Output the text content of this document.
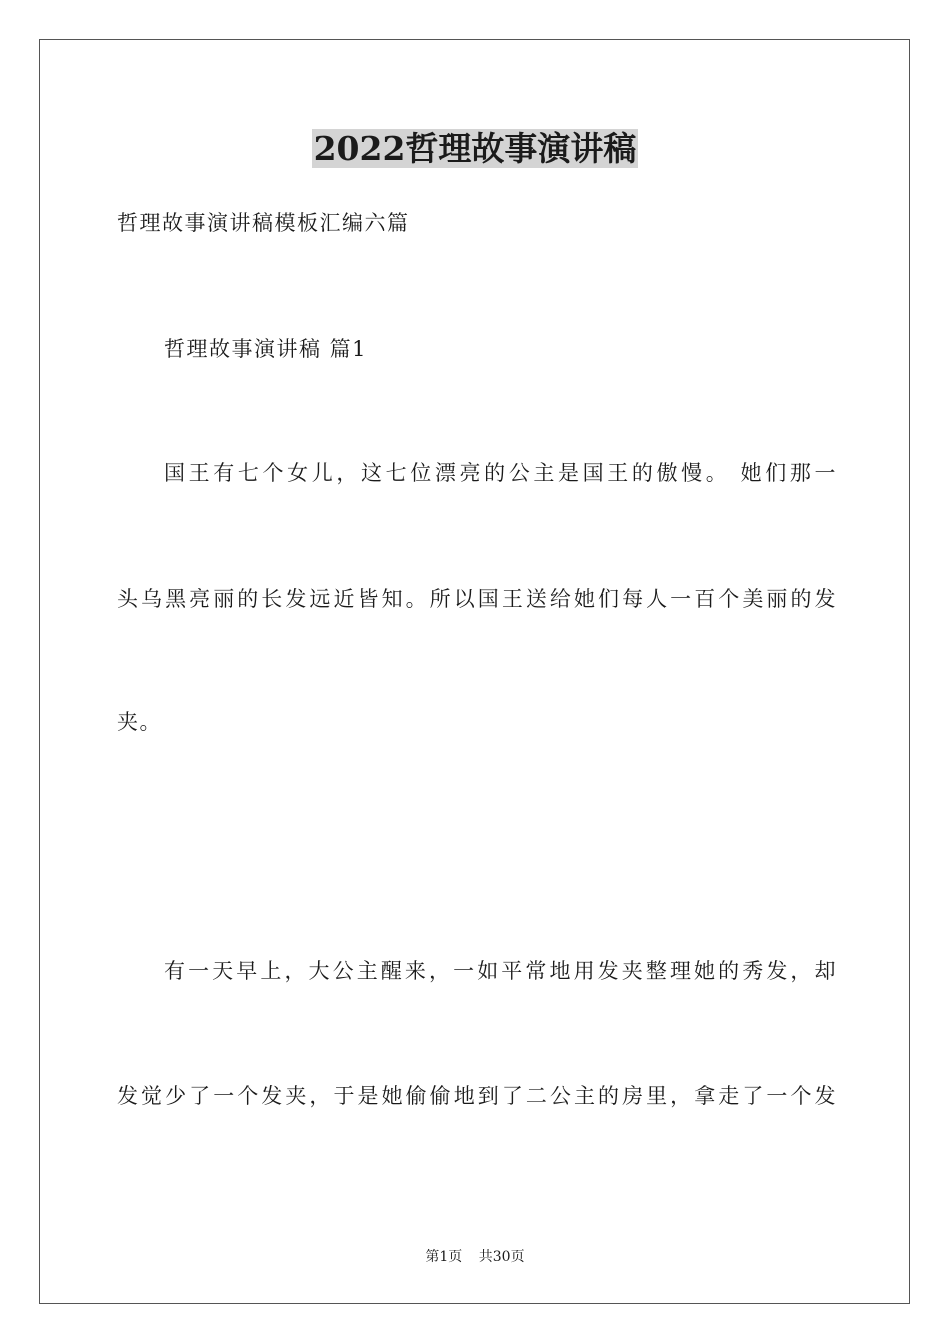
2022哲理故事演讲稿
哲理故事演讲稿模板汇编六篇
哲理故事演讲稿 篇1
国王有七个女儿，这七位漂亮的公主是国王的傲慢。 她们那一
头乌黑亮丽的长发远近皆知。所以国王送给她们每人一百个美丽的发
夹。
有一天早上，大公主醒来，一如平常地用发夹整理她的秀发，却
发觉少了一个发夹，于是她偷偷地到了二公主的房里，拿走了一个发
第1页 共30页
